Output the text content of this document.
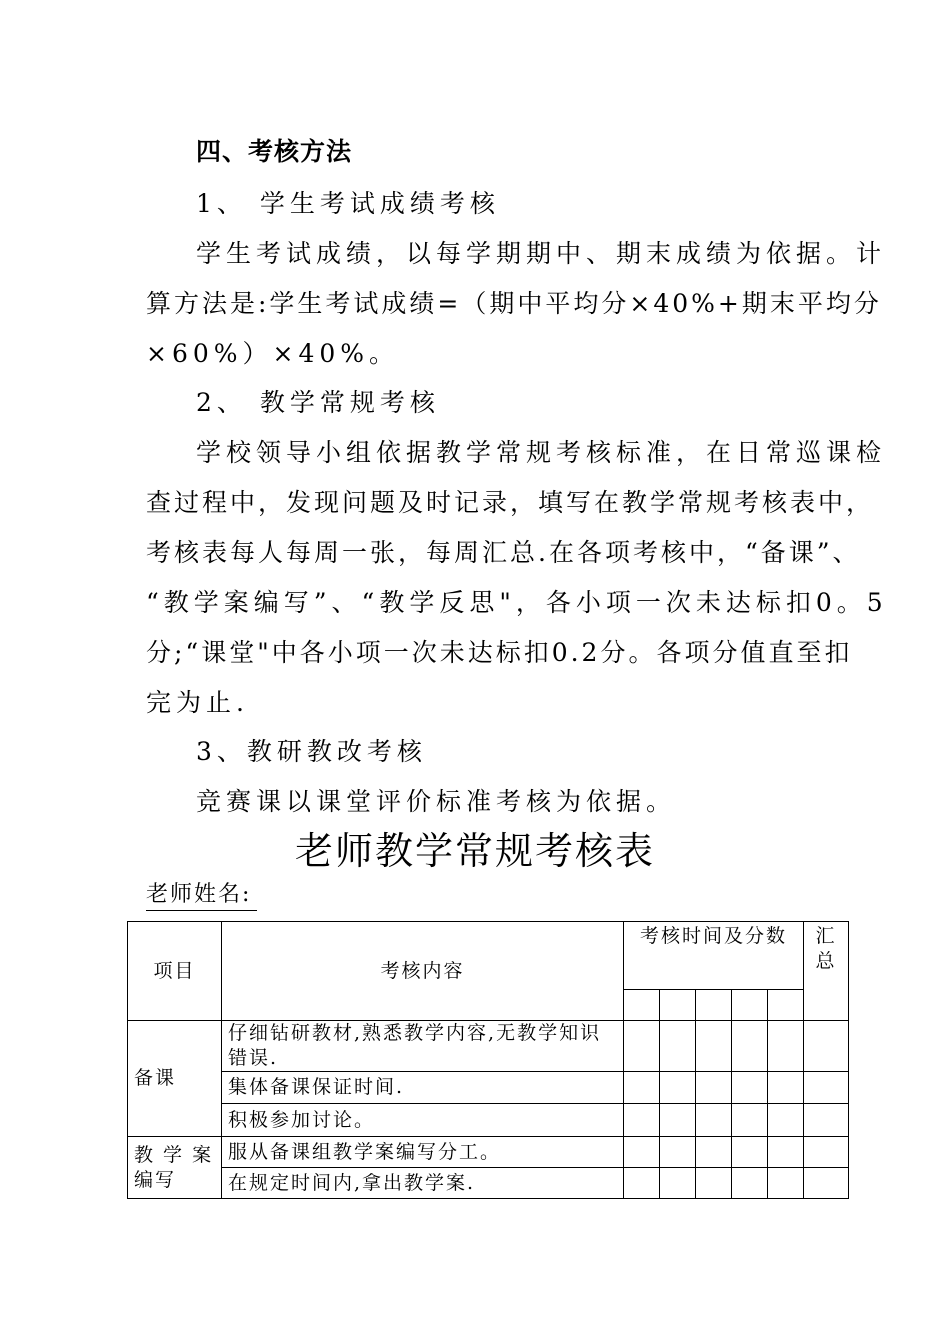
四、考核方法
1、 学生考试成绩考核
学生考试成绩，以每学期期中、期末成绩为依据。计
算方法是:学生考试成绩=（期中平均分×40%+期末平均分
×60%）×40%。
2、 教学常规考核
学校领导小组依据教学常规考核标准，在日常巡课检
查过程中，发现问题及时记录，填写在教学常规考核表中，
考核表每人每周一张，每周汇总.在各项考核中，“备课”、
“教学案编写”、“教学反思"，各小项一次未达标扣0。5
分;“课堂"中各小项一次未达标扣0.2分。各项分值直至扣
完为止.
3、教研教改考核
竞赛课以课堂评价标准考核为依据。
老师教学常规考核表
老师姓名:
项目	考核内容	考核时间及分数					汇
总

备课	仔细钻研教材,熟悉教学内容,无教学知识错误.						
	集体备课保证时间.						
	积极参加讨论。						

教 学 案
编写	服从备课组教学案编写分工。						
	在规定时间内,拿出教学案.						
